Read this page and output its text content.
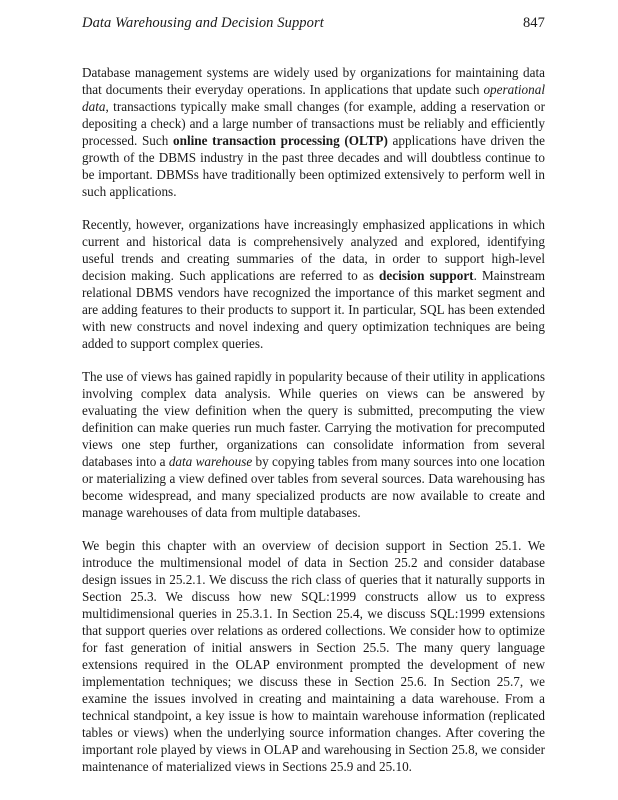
Data Warehousing and Decision Support	847

Database management systems are widely used by organizations for maintaining data that documents their everyday operations. In applications that update such operational data, transactions typically make small changes (for example, adding a reservation or depositing a check) and a large number of transactions must be reliably and efficiently processed. Such online transaction processing (OLTP) applications have driven the growth of the DBMS industry in the past three decades and will doubtless continue to be important. DBMSs have traditionally been optimized extensively to perform well in such applications.

Recently, however, organizations have increasingly emphasized applications in which current and historical data is comprehensively analyzed and explored, identifying useful trends and creating summaries of the data, in order to support high-level decision making. Such applications are referred to as decision support. Mainstream relational DBMS vendors have recognized the importance of this market segment and are adding features to their products to support it. In particular, SQL has been extended with new constructs and novel indexing and query optimization techniques are being added to support complex queries.

The use of views has gained rapidly in popularity because of their utility in applications involving complex data analysis. While queries on views can be answered by evaluating the view definition when the query is submitted, precomputing the view definition can make queries run much faster. Carrying the motivation for precomputed views one step further, organizations can consolidate information from several databases into a data warehouse by copying tables from many sources into one location or materializing a view defined over tables from several sources. Data warehousing has become widespread, and many specialized products are now available to create and manage warehouses of data from multiple databases.

We begin this chapter with an overview of decision support in Section 25.1. We introduce the multimensional model of data in Section 25.2 and consider database design issues in 25.2.1. We discuss the rich class of queries that it naturally supports in Section 25.3. We discuss how new SQL:1999 constructs allow us to express multidimensional queries in 25.3.1. In Section 25.4, we discuss SQL:1999 extensions that support queries over relations as ordered collections. We consider how to optimize for fast generation of initial answers in Section 25.5. The many query language extensions required in the OLAP environment prompted the development of new implementation techniques; we discuss these in Section 25.6. In Section 25.7, we examine the issues involved in creating and maintaining a data warehouse. From a technical standpoint, a key issue is how to maintain warehouse information (replicated tables or views) when the underlying source information changes. After covering the important role played by views in OLAP and warehousing in Section 25.8, we consider maintenance of materialized views in Sections 25.9 and 25.10.
